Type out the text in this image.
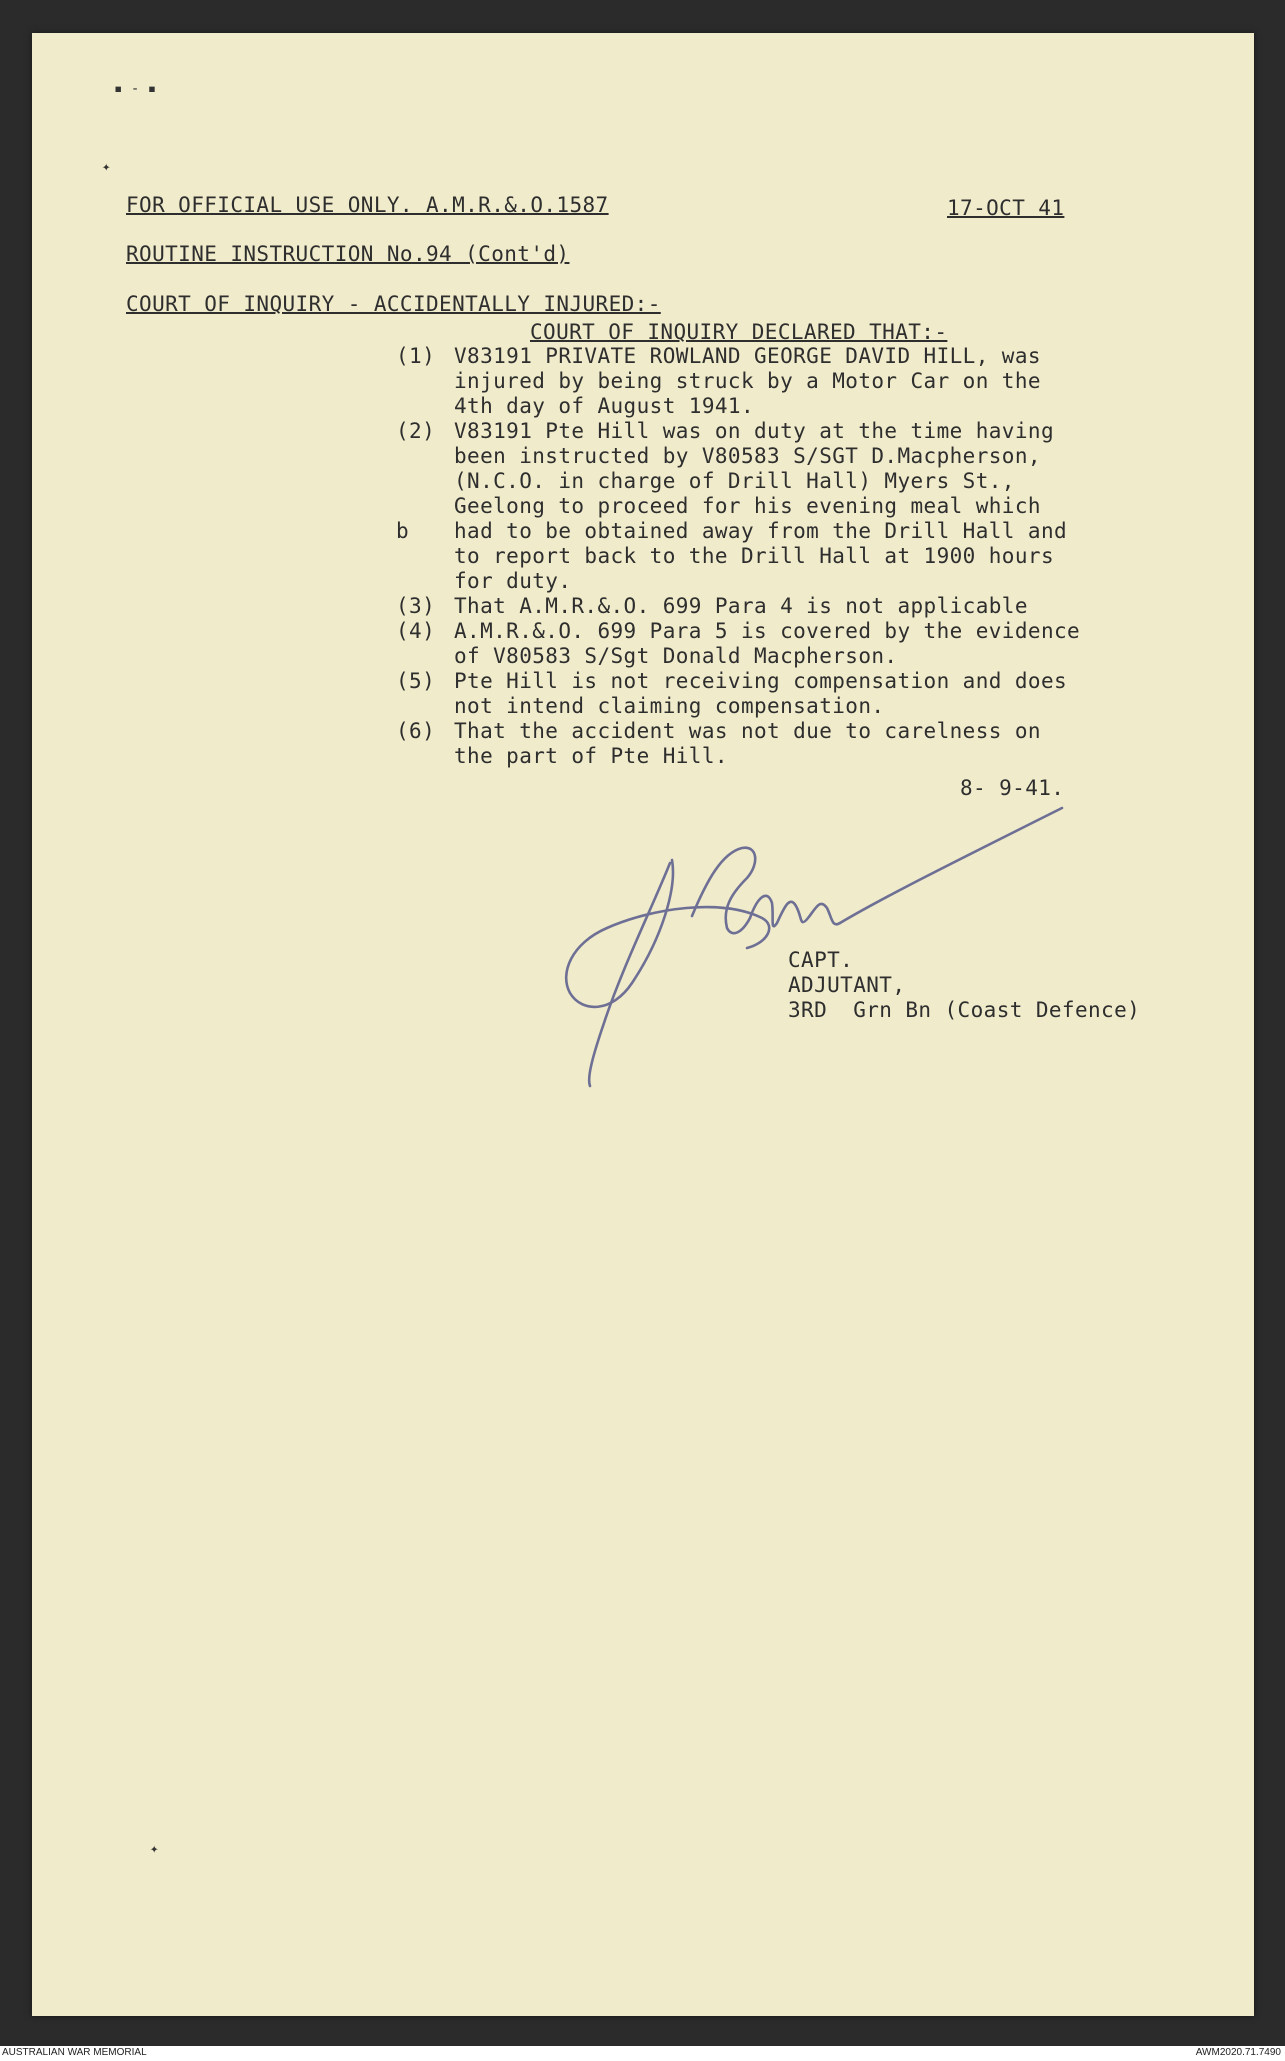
▪ ‑ ▪
✦
FOR OFFICIAL USE ONLY. A.M.R.&.O.1587	17-OCT 41
ROUTINE INSTRUCTION No.94 (Cont'd)
COURT OF INQUIRY - ACCIDENTALLY INJURED:-
COURT OF INQUIRY DECLARED THAT:-
(1) V83191 PRIVATE ROWLAND GEORGE DAVID HILL, was
injured by being struck by a Motor Car on the
4th day of August 1941.
(2) V83191 Pte Hill was on duty at the time having
been instructed by V80583 S/SGT D.Macpherson,
(N.C.O. in charge of Drill Hall) Myers St.,
Geelong to proceed for his evening meal which
b had to be obtained away from the Drill Hall and
to report back to the Drill Hall at 1900 hours
for duty.
(3) That A.M.R.&.O. 699 Para 4 is not applicable
(4) A.M.R.&.O. 699 Para 5 is covered by the evidence
of V80583 S/Sgt Donald Macpherson.
(5) Pte Hill is not receiving compensation and does
not intend claiming compensation.
(6) That the accident was not due to carelness on
the part of Pte Hill.
8- 9-41.
CAPT.
ADJUTANT,
3RD  Grn Bn (Coast Defence)
✦
AUSTRALIAN WAR MEMORIAL	AWM2020.71.7490
